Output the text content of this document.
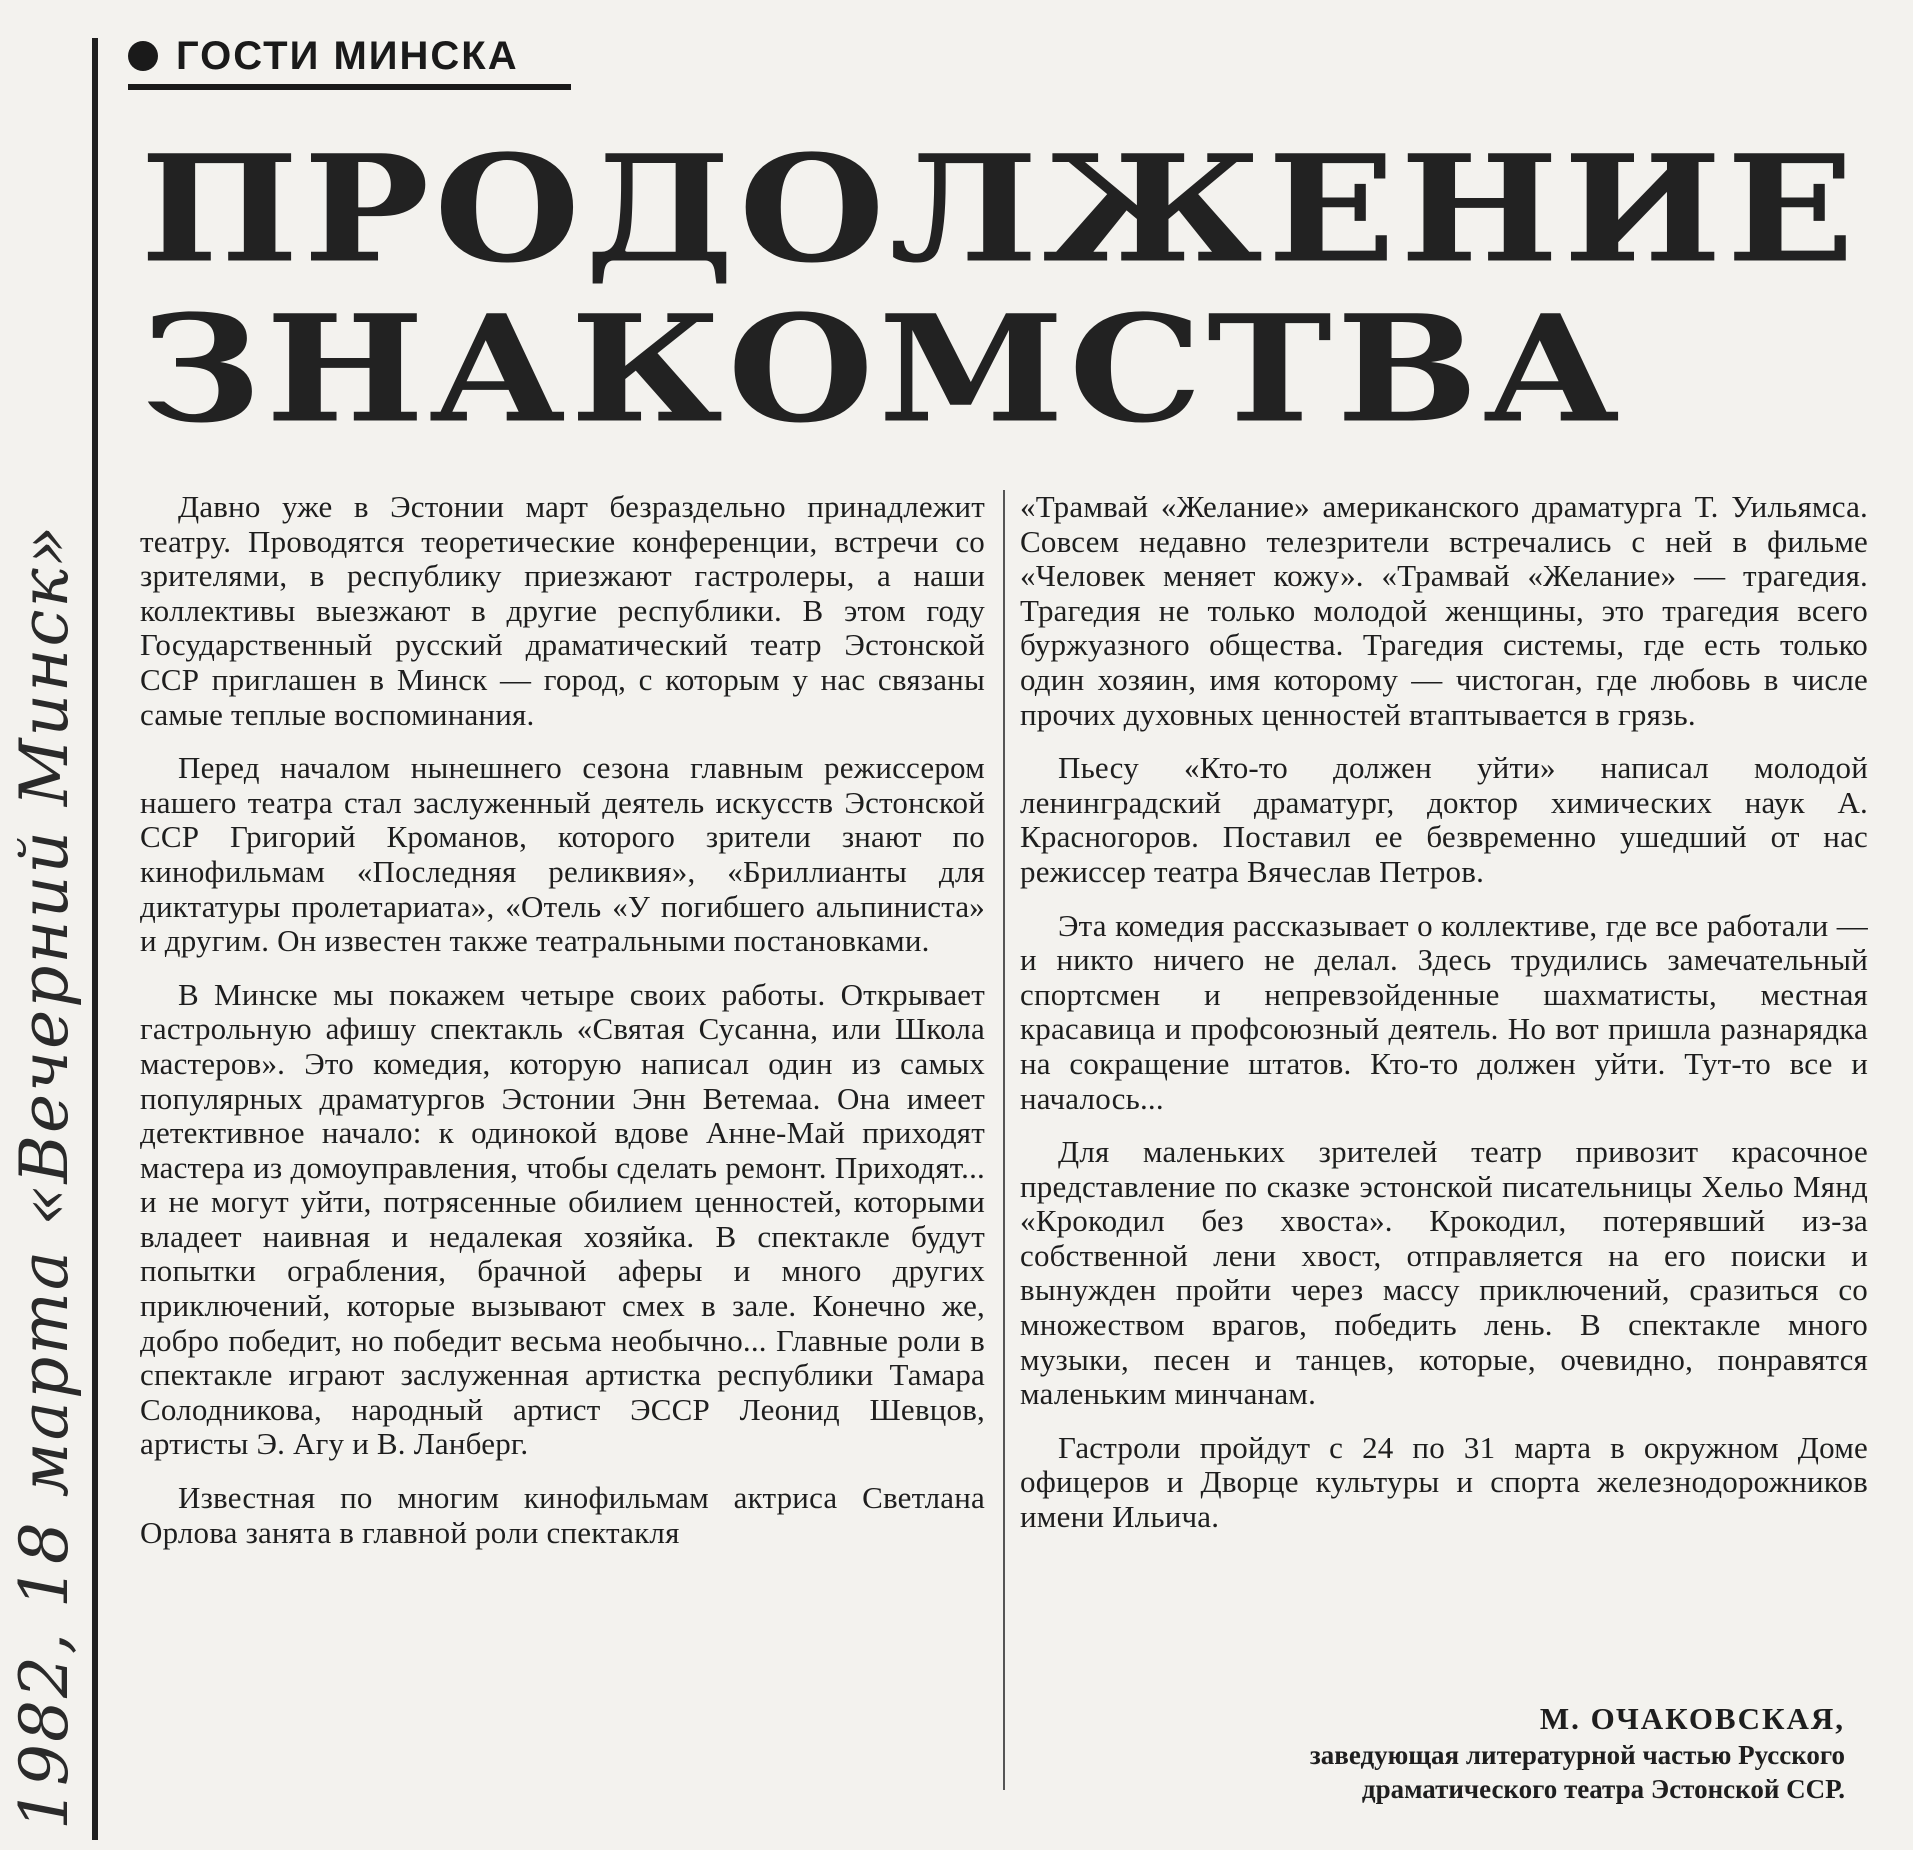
ГОСТИ МИНСКА
ПРОДОЛЖЕНИЕ
ЗНАКОМСТВА

Давно уже в Эстонии март безраздельно принадлежит театру. Проводятся теоретические конференции, встречи со зрителями, в республику приезжают гастролеры, а наши коллективы выезжают в другие республики. В этом году Государственный русский драматический театр Эстонской ССР приглашен в Минск — город, с которым у нас связаны самые теплые воспоминания.

Перед началом нынешнего сезона главным режиссером нашего театра стал заслуженный деятель искусств Эстонской ССР Григорий Кроманов, которого зрители знают по кинофильмам «Последняя реликвия», «Бриллианты для диктатуры пролетариата», «Отель «У погибшего альпиниста» и другим. Он известен также театральными постановками.

В Минске мы покажем четыре своих работы. Открывает гастрольную афишу спектакль «Святая Сусанна, или Школа мастеров». Это комедия, которую написал один из самых популярных драматургов Эстонии Энн Ветемаа. Она имеет детективное начало: к одинокой вдове Анне-Май приходят мастера из домоуправления, чтобы сделать ремонт. Приходят... и не могут уйти, потрясенные обилием ценностей, которыми владеет наивная и недалекая хозяйка. В спектакле будут попытки ограбления, брачной аферы и много других приключений, которые вызывают смех в зале. Конечно же, добро победит, но победит весьма необычно... Главные роли в спектакле играют заслуженная артистка республики Тамара Солодникова, народный артист ЭССР Леонид Шевцов, артисты Э. Агу и В. Ланберг.

Известная по многим кинофильмам актриса Светлана Орлова занята в главной роли спектакля

«Трамвай «Желание» американского драматурга Т. Уильямса. Совсем недавно телезрители встречались с ней в фильме «Человек меняет кожу». «Трамвай «Желание» — трагедия. Трагедия не только молодой женщины, это трагедия всего буржуазного общества. Трагедия системы, где есть только один хозяин, имя которому — чистоган, где любовь в числе прочих духовных ценностей втаптывается в грязь.

Пьесу «Кто-то должен уйти» написал молодой ленинградский драматург, доктор химических наук А. Красногоров. Поставил ее безвременно ушедший от нас режиссер театра Вячеслав Петров.

Эта комедия рассказывает о коллективе, где все работали — и никто ничего не делал. Здесь трудились замечательный спортсмен и непревзойденные шахматисты, местная красавица и профсоюзный деятель. Но вот пришла разнарядка на сокращение штатов. Кто-то должен уйти. Тут-то все и началось...

Для маленьких зрителей театр привозит красочное представление по сказке эстонской писательницы Хельо Мянд «Крокодил без хвоста». Крокодил, потерявший из-за собственной лени хвост, отправляется на его поиски и вынужден пройти через массу приключений, сразиться со множеством врагов, победить лень. В спектакле много музыки, песен и танцев, которые, очевидно, понравятся маленьким минчанам.

Гастроли пройдут с 24 по 31 марта в окружном Доме офицеров и Дворце культуры и спорта железнодорожников имени Ильича.

М. ОЧАКОВСКАЯ,
заведующая литературной частью Русского
драматического театра Эстонской ССР.
1982, 18 марта «Вечерний Минск»
